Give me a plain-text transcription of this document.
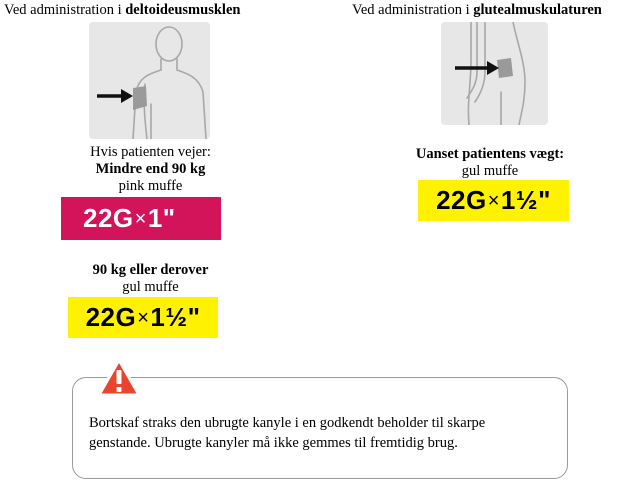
Ved administration i deltoideusmusklen
Hvis patienten vejer:
Mindre end 90 kg
pink muffe
22G × 1"
90 kg eller derover
gul muffe
22G × 1½"
Ved administration i glutealmuskulaturen
Uanset patientens vægt:
gul muffe
22G × 1½"
Bortskaf straks den ubrugte kanyle i en godkendt beholder til skarpe
genstande. Ubrugte kanyler må ikke gemmes til fremtidig brug.
